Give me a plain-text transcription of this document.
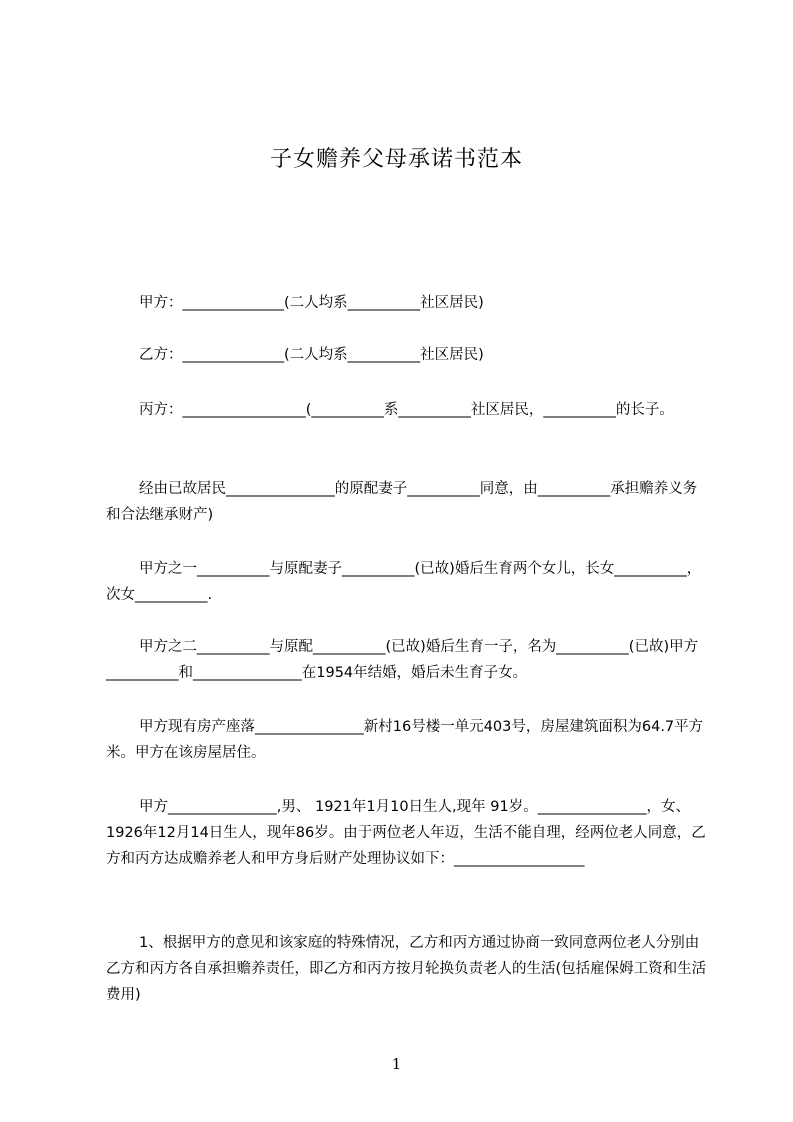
子女赡养父母承诺书范本
甲方：______________(二人均系__________社区居民)
乙方：______________(二人均系__________社区居民)
丙方：_________________(__________系__________社区居民，__________的长子。
经由已故居民_______________的原配妻子__________同意，由__________承担赡养义务和合法继承财产)
甲方之一__________与原配妻子__________(已故)婚后生育两个女儿，长女__________，次女__________.
甲方之二__________与原配__________(已故)婚后生育一子，名为__________(已故)甲方__________和_______________在1954年结婚，婚后未生育子女。
甲方现有房产座落_______________新村16号楼一单元403号，房屋建筑面积为64.7平方米。甲方在该房屋居住。
甲方_______________,男、 1921年1月10日生人,现年 91岁。_______________，女、1926年12月14日生人，现年86岁。由于两位老人年迈，生活不能自理，经两位老人同意，乙方和丙方达成赡养老人和甲方身后财产处理协议如下：__________________
1、根据甲方的意见和该家庭的特殊情况，乙方和丙方通过协商一致同意两位老人分别由乙方和丙方各自承担赡养责任，即乙方和丙方按月轮换负责老人的生活(包括雇保姆工资和生活费用)
1
